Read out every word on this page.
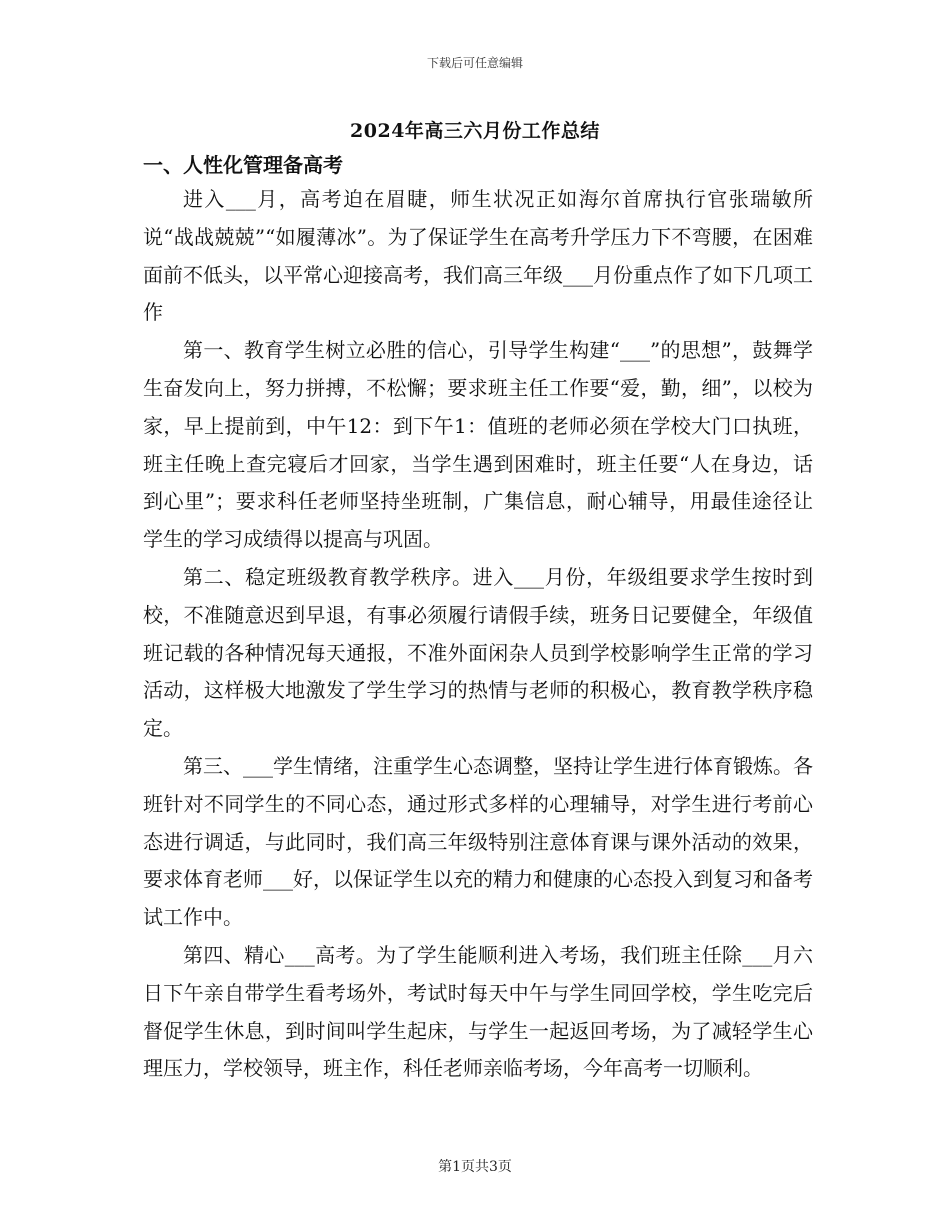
下载后可任意编辑
2024年高三六月份工作总结
一、人性化管理备高考

进入___月，高考迫在眉睫，师生状况正如海尔首席执行官张瑞敏所说“战战兢兢”“如履薄冰”。为了保证学生在高考升学压力下不弯腰，在困难面前不低头，以平常心迎接高考，我们高三年级___月份重点作了如下几项工作

第一、教育学生树立必胜的信心，引导学生构建“___”的思想”，鼓舞学生奋发向上，努力拼搏，不松懈；要求班主任工作要“爱，勤，细”，以校为家，早上提前到，中午12：到下午1：值班的老师必须在学校大门口执班，班主任晚上查完寝后才回家，当学生遇到困难时，班主任要“人在身边，话到心里”；要求科任老师坚持坐班制，广集信息，耐心辅导，用最佳途径让学生的学习成绩得以提高与巩固。

第二、稳定班级教育教学秩序。进入___月份，年级组要求学生按时到校，不准随意迟到早退，有事必须履行请假手续，班务日记要健全，年级值班记载的各种情况每天通报，不准外面闲杂人员到学校影响学生正常的学习活动，这样极大地激发了学生学习的热情与老师的积极心，教育教学秩序稳定。

第三、___学生情绪，注重学生心态调整，坚持让学生进行体育锻炼。各班针对不同学生的不同心态，通过形式多样的心理辅导，对学生进行考前心态进行调适，与此同时，我们高三年级特别注意体育课与课外活动的效果，要求体育老师___好，以保证学生以充的精力和健康的心态投入到复习和备考试工作中。

第四、精心___高考。为了学生能顺利进入考场，我们班主任除___月六日下午亲自带学生看考场外，考试时每天中午与学生同回学校，学生吃完后督促学生休息，到时间叫学生起床，与学生一起返回考场，为了减轻学生心理压力，学校领导，班主作，科任老师亲临考场，今年高考一切顺利。

第1页共3页
